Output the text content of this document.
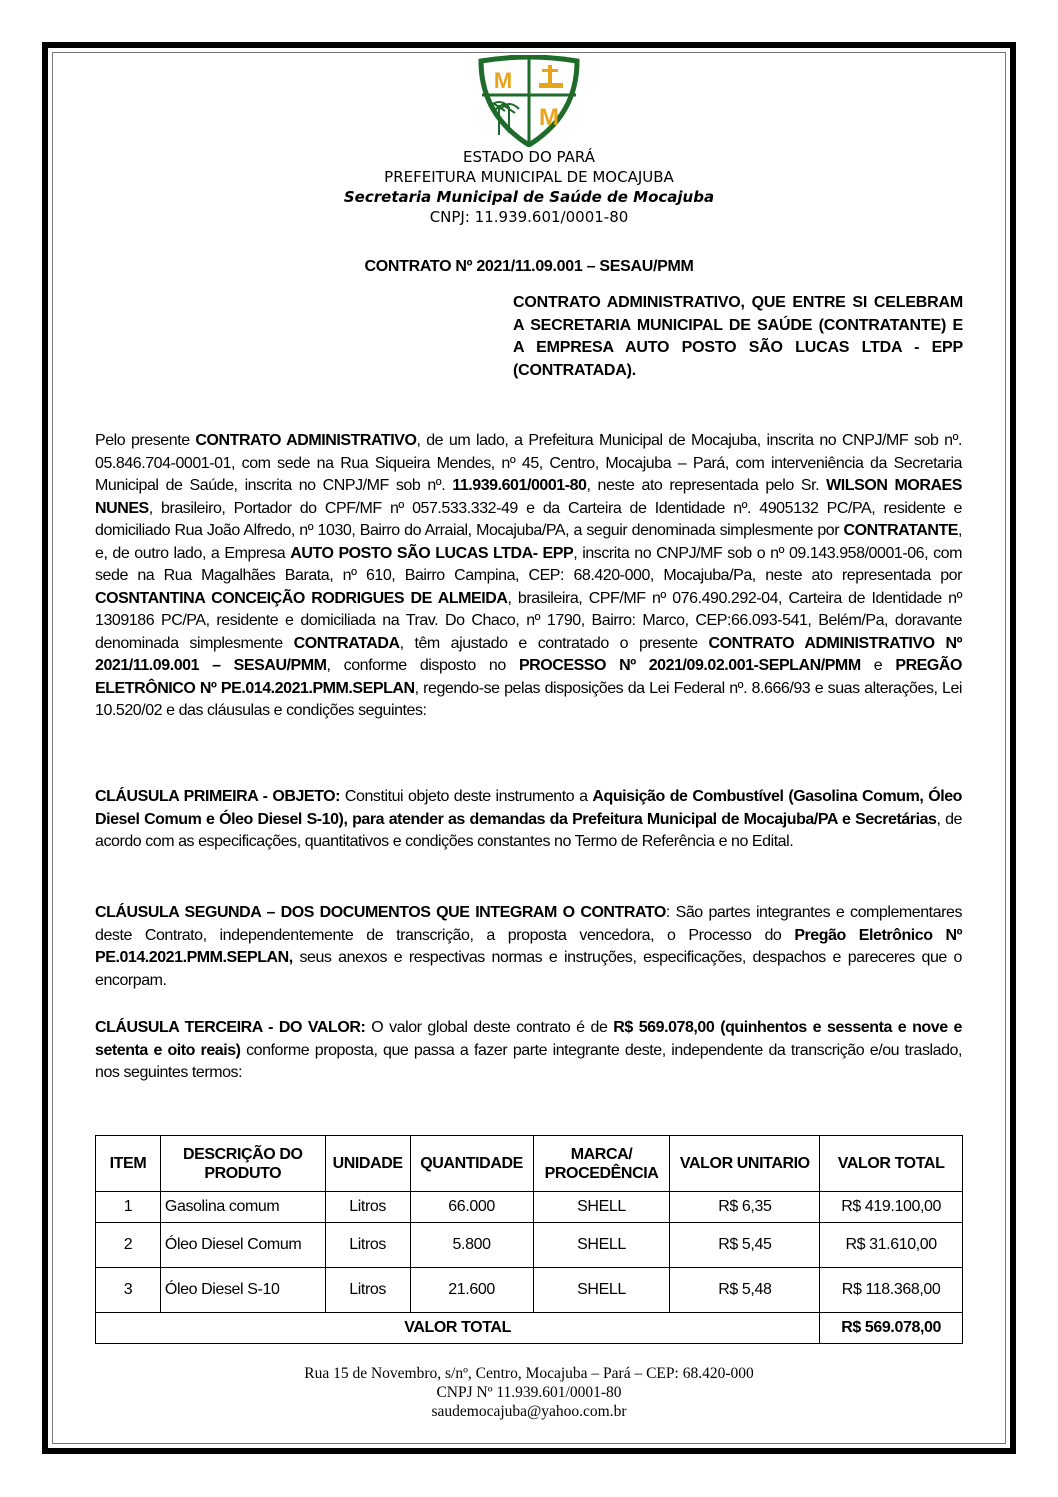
M
M
ESTADO DO PARÁ
PREFEITURA MUNICIPAL DE MOCAJUBA
Secretaria Municipal de Saúde de Mocajuba
CNPJ: 11.939.601/0001-80
CONTRATO Nº 2021/11.09.001 – SESAU/PMM
CONTRATO ADMINISTRATIVO, QUE ENTRE SI CELEBRAM A SECRETARIA MUNICIPAL DE SAÚDE (CONTRATANTE) E A EMPRESA AUTO POSTO SÃO LUCAS LTDA - EPP (CONTRATADA).
Pelo presente CONTRATO ADMINISTRATIVO, de um lado, a Prefeitura Municipal de Mocajuba, inscrita no CNPJ/MF sob nº. 05.846.704-0001-01, com sede na Rua Siqueira Mendes, nº 45, Centro, Mocajuba – Pará, com interveniência da Secretaria Municipal de Saúde, inscrita no CNPJ/MF sob nº. 11.939.601/0001-80, neste ato representada pelo Sr. WILSON MORAES NUNES, brasileiro, Portador do CPF/MF nº 057.533.332-49 e da Carteira de Identidade nº. 4905132 PC/PA, residente e domiciliado Rua João Alfredo, nº 1030, Bairro do Arraial, Mocajuba/PA, a seguir denominada simplesmente por CONTRATANTE, e, de outro lado, a Empresa AUTO POSTO SÃO LUCAS LTDA- EPP, inscrita no CNPJ/MF sob o nº 09.143.958/0001-06, com sede na Rua Magalhães Barata, nº 610, Bairro Campina, CEP: 68.420-000, Mocajuba/Pa, neste ato representada por COSNTANTINA CONCEIÇÃO RODRIGUES DE ALMEIDA, brasileira, CPF/MF nº 076.490.292-04, Carteira de Identidade nº 1309186 PC/PA, residente e domiciliada na Trav. Do Chaco, nº 1790, Bairro: Marco, CEP:66.093-541, Belém/Pa, doravante denominada simplesmente CONTRATADA, têm ajustado e contratado o presente CONTRATO ADMINISTRATIVO Nº 2021/11.09.001 – SESAU/PMM, conforme disposto no PROCESSO Nº 2021/09.02.001-SEPLAN/PMM e PREGÃO ELETRÔNICO Nº PE.014.2021.PMM.SEPLAN, regendo-se pelas disposições da Lei Federal nº. 8.666/93 e suas alterações, Lei 10.520/02 e das cláusulas e condições seguintes:
CLÁUSULA PRIMEIRA - OBJETO: Constitui objeto deste instrumento a Aquisição de Combustível (Gasolina Comum, Óleo Diesel Comum e Óleo Diesel S-10), para atender as demandas da Prefeitura Municipal de Mocajuba/PA e Secretárias, de acordo com as especificações, quantitativos e condições constantes no Termo de Referência e no Edital.
CLÁUSULA SEGUNDA – DOS DOCUMENTOS QUE INTEGRAM O CONTRATO: São partes integrantes e complementares deste Contrato, independentemente de transcrição, a proposta vencedora, o Processo do Pregão Eletrônico Nº PE.014.2021.PMM.SEPLAN, seus anexos e respectivas normas e instruções, especificações, despachos e pareceres que o encorpam.
CLÁUSULA TERCEIRA - DO VALOR: O valor global deste contrato é de R$ 569.078,00 (quinhentos e sessenta e nove e setenta e oito reais) conforme proposta, que passa a fazer parte integrante deste, independente da transcrição e/ou traslado, nos seguintes termos:
ITEM	DESCRIÇÃO DO PRODUTO	UNIDADE	QUANTIDADE	MARCA/ PROCEDÊNCIA	VALOR UNITARIO	VALOR TOTAL
1	Gasolina comum	Litros	66.000	SHELL	R$ 6,35	R$ 419.100,00
2	Óleo Diesel Comum	Litros	5.800	SHELL	R$ 5,45	R$ 31.610,00
3	Óleo Diesel S-10	Litros	21.600	SHELL	R$ 5,48	R$ 118.368,00
VALOR TOTAL						R$ 569.078,00
Rua 15 de Novembro, s/nº, Centro, Mocajuba – Pará – CEP: 68.420-000
CNPJ Nº 11.939.601/0001-80
saudemocajuba@yahoo.com.br
